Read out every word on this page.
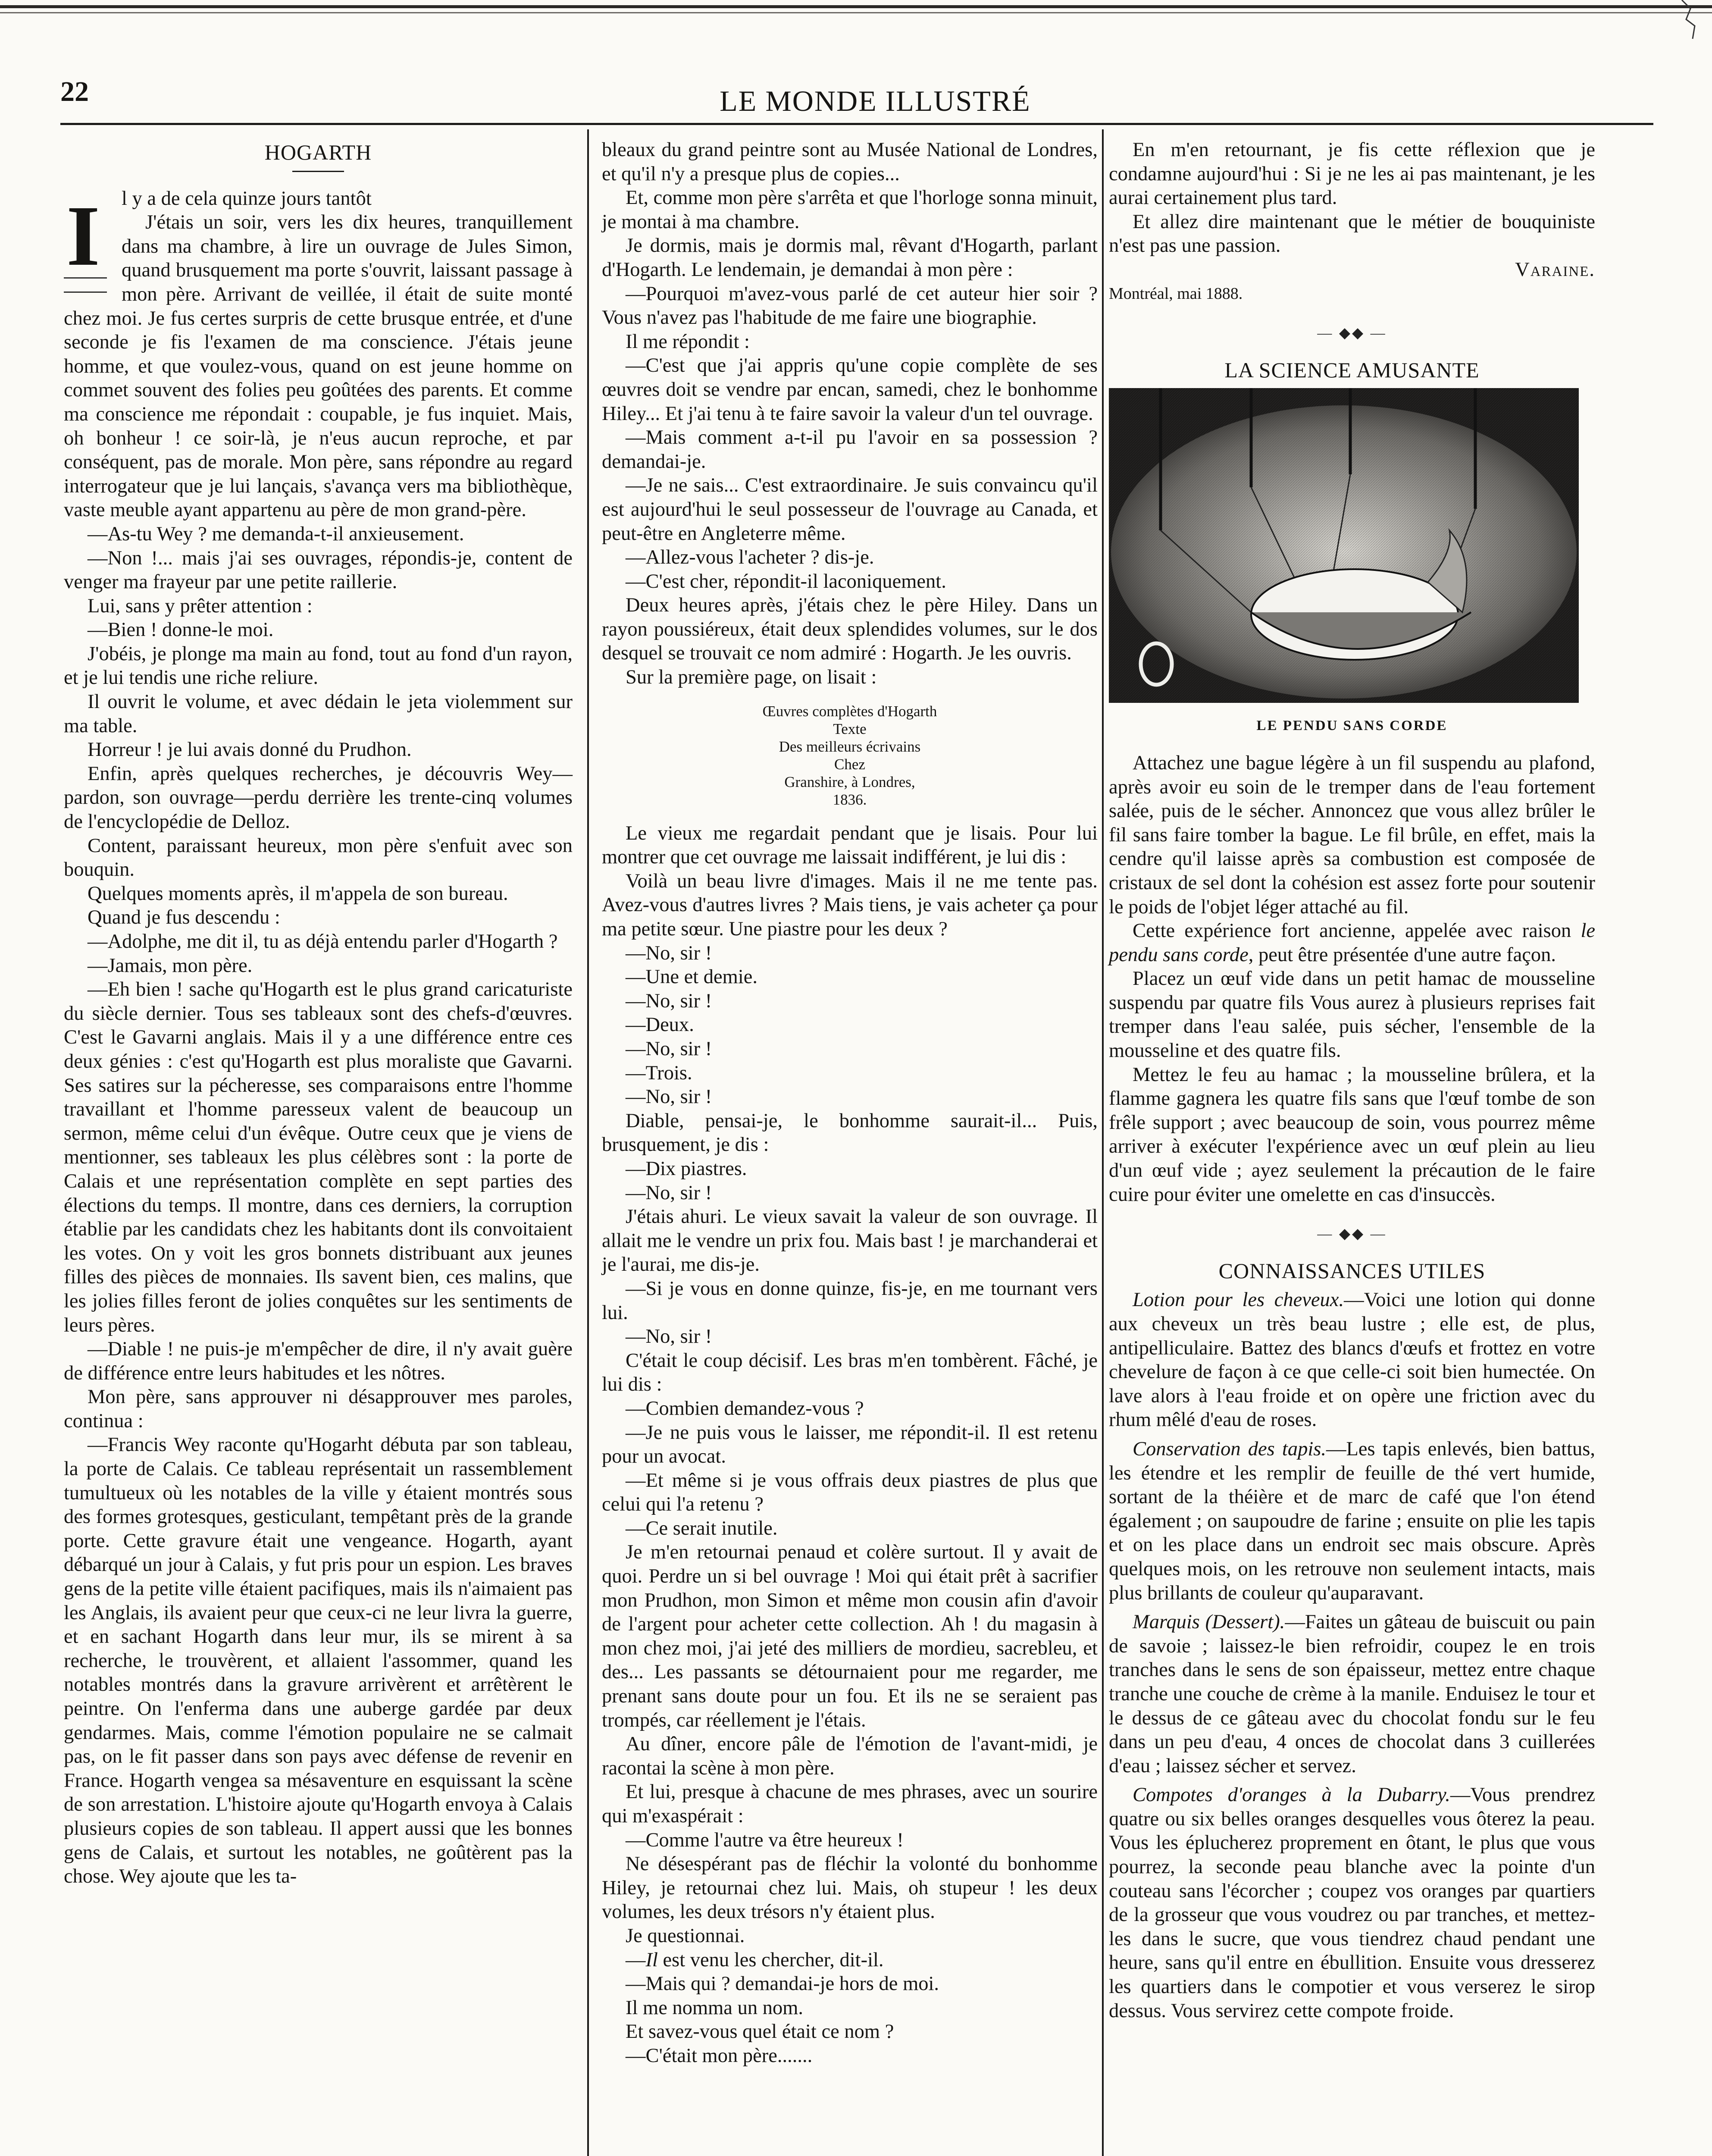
22	LE MONDE ILLUSTRÉ
HOGARTH

I l y a de cela quinze jours tantôt

J'étais un soir, vers les dix heures, tranquillement dans ma chambre, à lire un ouvrage de Jules Simon, quand brusquement ma porte s'ouvrit, laissant passage à mon père. Arrivant de veillée, il était de suite monté chez moi. Je fus certes surpris de cette brusque entrée, et d'une seconde je fis l'examen de ma conscience. J'étais jeune homme, et que voulez-vous, quand on est jeune homme on commet souvent des folies peu goûtées des parents. Et comme ma conscience me répondait : coupable, je fus inquiet. Mais, oh bonheur ! ce soir-là, je n'eus aucun reproche, et par conséquent, pas de morale. Mon père, sans répondre au regard interrogateur que je lui lançais, s'avança vers ma bibliothèque, vaste meuble ayant appartenu au père de mon grand-père.

—As-tu Wey ? me demanda-t-il anxieusement.

—Non !... mais j'ai ses ouvrages, répondis-je, content de venger ma frayeur par une petite raillerie.

Lui, sans y prêter attention :

—Bien ! donne-le moi.

J'obéis, je plonge ma main au fond, tout au fond d'un rayon, et je lui tendis une riche reliure.

Il ouvrit le volume, et avec dédain le jeta violemment sur ma table.

Horreur ! je lui avais donné du Prudhon.

Enfin, après quelques recherches, je découvris Wey—pardon, son ouvrage—perdu derrière les trente-cinq volumes de l'encyclopédie de Delloz.

Content, paraissant heureux, mon père s'enfuit avec son bouquin.

Quelques moments après, il m'appela de son bureau.

Quand je fus descendu :

—Adolphe, me dit il, tu as déjà entendu parler d'Hogarth ?

—Jamais, mon père.

—Eh bien ! sache qu'Hogarth est le plus grand caricaturiste du siècle dernier. Tous ses tableaux sont des chefs-d'œuvres. C'est le Gavarni anglais. Mais il y a une différence entre ces deux génies : c'est qu'Hogarth est plus moraliste que Gavarni. Ses satires sur la pécheresse, ses comparaisons entre l'homme travaillant et l'homme paresseux valent de beaucoup un sermon, même celui d'un évêque. Outre ceux que je viens de mentionner, ses tableaux les plus célèbres sont : la porte de Calais et une représentation complète en sept parties des élections du temps. Il montre, dans ces derniers, la corruption établie par les candidats chez les habitants dont ils convoitaient les votes. On y voit les gros bonnets distribuant aux jeunes filles des pièces de monnaies. Ils savent bien, ces malins, que les jolies filles feront de jolies conquêtes sur les sentiments de leurs pères.

—Diable ! ne puis-je m'empêcher de dire, il n'y avait guère de différence entre leurs habitudes et les nôtres.

Mon père, sans approuver ni désapprouver mes paroles, continua :

—Francis Wey raconte qu'Hogarht débuta par son tableau, la porte de Calais. Ce tableau représentait un rassemblement tumultueux où les notables de la ville y étaient montrés sous des formes grotesques, gesticulant, tempêtant près de la grande porte. Cette gravure était une vengeance. Hogarth, ayant débarqué un jour à Calais, y fut pris pour un espion. Les braves gens de la petite ville étaient pacifiques, mais ils n'aimaient pas les Anglais, ils avaient peur que ceux-ci ne leur livra la guerre, et en sachant Hogarth dans leur mur, ils se mirent à sa recherche, le trouvèrent, et allaient l'assommer, quand les notables montrés dans la gravure arrivèrent et arrêtèrent le peintre. On l'enferma dans une auberge gardée par deux gendarmes. Mais, comme l'émotion populaire ne se calmait pas, on le fit passer dans son pays avec défense de revenir en France. Hogarth vengea sa mésaventure en esquissant la scène de son arrestation. L'histoire ajoute qu'Hogarth envoya à Calais plusieurs copies de son tableau. Il appert aussi que les bonnes gens de Calais, et surtout les notables, ne goûtèrent pas la chose. Wey ajoute que les ta-

bleaux du grand peintre sont au Musée National de Londres, et qu'il n'y a presque plus de copies...

Et, comme mon père s'arrêta et que l'horloge sonna minuit, je montai à ma chambre.

Je dormis, mais je dormis mal, rêvant d'Hogarth, parlant d'Hogarth. Le lendemain, je demandai à mon père :

—Pourquoi m'avez-vous parlé de cet auteur hier soir ? Vous n'avez pas l'habitude de me faire une biographie.

Il me répondit :

—C'est que j'ai appris qu'une copie complète de ses œuvres doit se vendre par encan, samedi, chez le bonhomme Hiley... Et j'ai tenu à te faire savoir la valeur d'un tel ouvrage.

—Mais comment a-t-il pu l'avoir en sa possession ? demandai-je.

—Je ne sais... C'est extraordinaire. Je suis convaincu qu'il est aujourd'hui le seul possesseur de l'ouvrage au Canada, et peut-être en Angleterre même.

—Allez-vous l'acheter ? dis-je.

—C'est cher, répondit-il laconiquement.

Deux heures après, j'étais chez le père Hiley. Dans un rayon poussiéreux, était deux splendides volumes, sur le dos desquel se trouvait ce nom admiré : Hogarth. Je les ouvris.

Sur la première page, on lisait :

Œuvres complètes d'Hogarth
Texte
Des meilleurs écrivains
Chez
Granshire, à Londres,
1836.

Le vieux me regardait pendant que je lisais. Pour lui montrer que cet ouvrage me laissait indifférent, je lui dis :

Voilà un beau livre d'images. Mais il ne me tente pas. Avez-vous d'autres livres ? Mais tiens, je vais acheter ça pour ma petite sœur. Une piastre pour les deux ?

—No, sir !

—Une et demie.

—No, sir !

—Deux.

—No, sir !

—Trois.

—No, sir !

Diable, pensai-je, le bonhomme saurait-il... Puis, brusquement, je dis :

—Dix piastres.

—No, sir !

J'étais ahuri. Le vieux savait la valeur de son ouvrage. Il allait me le vendre un prix fou. Mais bast ! je marchanderai et je l'aurai, me dis-je.

—Si je vous en donne quinze, fis-je, en me tournant vers lui.

—No, sir !

C'était le coup décisif. Les bras m'en tombèrent. Fâché, je lui dis :

—Combien demandez-vous ?

—Je ne puis vous le laisser, me répondit-il. Il est retenu pour un avocat.

—Et même si je vous offrais deux piastres de plus que celui qui l'a retenu ?

—Ce serait inutile.

Je m'en retournai penaud et colère surtout. Il y avait de quoi. Perdre un si bel ouvrage ! Moi qui était prêt à sacrifier mon Prudhon, mon Simon et même mon cousin afin d'avoir de l'argent pour acheter cette collection. Ah ! du magasin à mon chez moi, j'ai jeté des milliers de mordieu, sacrebleu, et des... Les passants se détournaient pour me regarder, me prenant sans doute pour un fou. Et ils ne se seraient pas trompés, car réellement je l'étais.

Au dîner, encore pâle de l'émotion de l'avant-midi, je racontai la scène à mon père.

Et lui, presque à chacune de mes phrases, avec un sourire qui m'exaspérait :

—Comme l'autre va être heureux !

Ne désespérant pas de fléchir la volonté du bonhomme Hiley, je retournai chez lui. Mais, oh stupeur ! les deux volumes, les deux trésors n'y étaient plus.

Je questionnai.

—Il est venu les chercher, dit-il.

—Mais qui ? demandai-je hors de moi.

Il me nomma un nom.

Et savez-vous quel était ce nom ?

—C'était mon père.......

En m'en retournant, je fis cette réflexion que je condamne aujourd'hui : Si je ne les ai pas maintenant, je les aurai certainement plus tard.

Et allez dire maintenant que le métier de bouquiniste n'est pas une passion.

Varaine.
Montréal, mai 1888.
— ◆◆ —
LA SCIENCE AMUSANTE
LE PENDU SANS CORDE

Attachez une bague légère à un fil suspendu au plafond, après avoir eu soin de le tremper dans de l'eau fortement salée, puis de le sécher. Annoncez que vous allez brûler le fil sans faire tomber la bague. Le fil brûle, en effet, mais la cendre qu'il laisse après sa combustion est composée de cristaux de sel dont la cohésion est assez forte pour soutenir le poids de l'objet léger attaché au fil.

Cette expérience fort ancienne, appelée avec raison le pendu sans corde, peut être présentée d'une autre façon.

Placez un œuf vide dans un petit hamac de mousseline suspendu par quatre fils Vous aurez à plusieurs reprises fait tremper dans l'eau salée, puis sécher, l'ensemble de la mousseline et des quatre fils.

Mettez le feu au hamac ; la mousseline brûlera, et la flamme gagnera les quatre fils sans que l'œuf tombe de son frêle support ; avec beaucoup de soin, vous pourrez même arriver à exécuter l'expérience avec un œuf plein au lieu d'un œuf vide ; ayez seulement la précaution de le faire cuire pour éviter une omelette en cas d'insuccès.

— ◆◆ —
CONNAISSANCES UTILES

Lotion pour les cheveux.—Voici une lotion qui donne aux cheveux un très beau lustre ; elle est, de plus, antipelliculaire. Battez des blancs d'œufs et frottez en votre chevelure de façon à ce que celle-ci soit bien humectée. On lave alors à l'eau froide et on opère une friction avec du rhum mêlé d'eau de roses.

Conservation des tapis.—Les tapis enlevés, bien battus, les étendre et les remplir de feuille de thé vert humide, sortant de la théière et de marc de café que l'on étend également ; on saupoudre de farine ; ensuite on plie les tapis et on les place dans un endroit sec mais obscure. Après quelques mois, on les retrouve non seulement intacts, mais plus brillants de couleur qu'auparavant.

Marquis (Dessert).—Faites un gâteau de buiscuit ou pain de savoie ; laissez-le bien refroidir, coupez le en trois tranches dans le sens de son épaisseur, mettez entre chaque tranche une couche de crème à la manile. Enduisez le tour et le dessus de ce gâteau avec du chocolat fondu sur le feu dans un peu d'eau, 4 onces de chocolat dans 3 cuillerées d'eau ; laissez sécher et servez.

Compotes d'oranges à la Dubarry.—Vous prendrez quatre ou six belles oranges desquelles vous ôterez la peau. Vous les éplucherez proprement en ôtant, le plus que vous pourrez, la seconde peau blanche avec la pointe d'un couteau sans l'écorcher ; coupez vos oranges par quartiers de la grosseur que vous voudrez ou par tranches, et mettez-les dans le sucre, que vous tiendrez chaud pendant une heure, sans qu'il entre en ébullition. Ensuite vous dresserez les quartiers dans le compotier et vous verserez le sirop dessus. Vous servirez cette compote froide.
